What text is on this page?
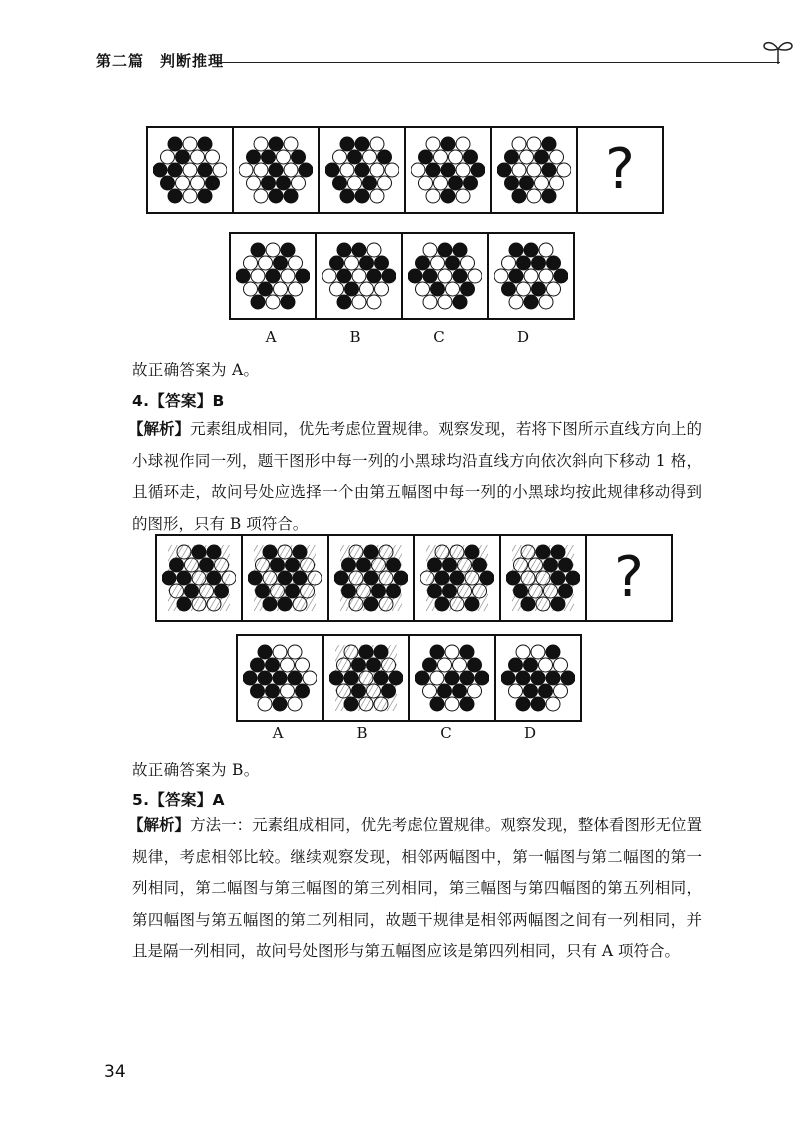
第二篇　判断推理
?
A	B	C	D
故正确答案为 A。
4.【答案】B
【解析】元素组成相同，优先考虑位置规律。观察发现，若将下图所示直线方向上的小球视作同一列，题干图形中每一列的小黑球均沿直线方向依次斜向下移动 1 格，且循环走，故问号处应选择一个由第五幅图中每一列的小黑球均按此规律移动得到的图形，只有 B 项符合。
?
A	B	C	D
故正确答案为 B。
5.【答案】A
【解析】方法一：元素组成相同，优先考虑位置规律。观察发现，整体看图形无位置规律，考虑相邻比较。继续观察发现，相邻两幅图中，第一幅图与第二幅图的第一列相同，第二幅图与第三幅图的第三列相同，第三幅图与第四幅图的第五列相同，第四幅图与第五幅图的第二列相同，故题干规律是相邻两幅图之间有一列相同，并且是隔一列相同，故问号处图形与第五幅图应该是第四列相同，只有 A 项符合。
34
